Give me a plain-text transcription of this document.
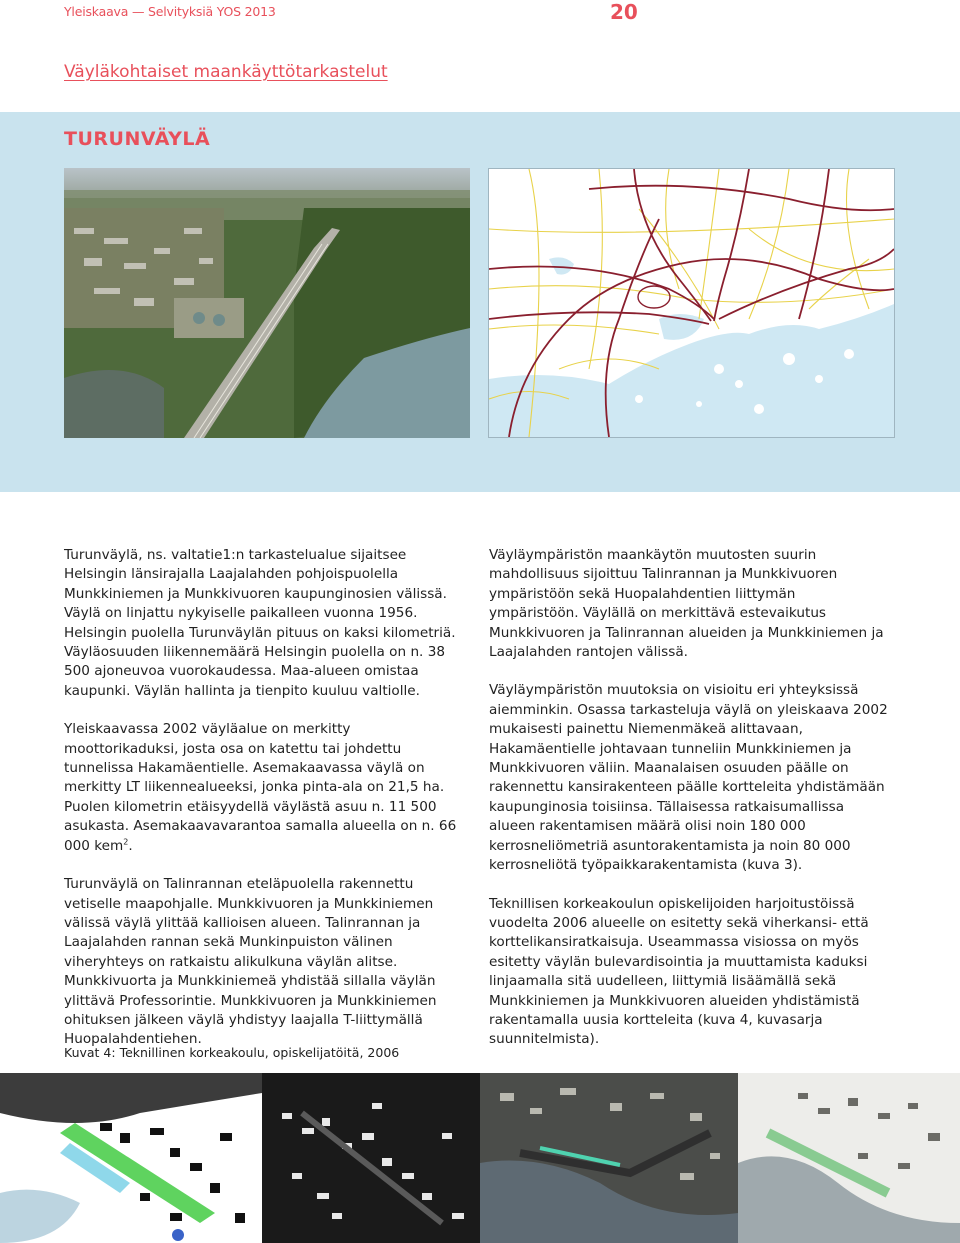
Yleiskaava — Selvityksiä YOS 2013	20
Väyläkohtaiset maankäyttötarkastelut
TURUNVÄYLÄ

Turunväylä, ns. valtatie1:n tarkastelualue sijaitsee Helsingin länsirajalla Laajalahden pohjoispuolella Munkkiniemen ja Munkkivuoren kaupunginosien välissä. Väylä on linjattu nykyiselle paikalleen vuonna 1956. Helsingin puolella Turunväylän pituus on kaksi kilometriä. Väyläosuuden liikennemäärä Helsingin puolella on n. 38 500 ajoneuvoa vuorokaudessa. Maa-alueen omistaa kaupunki. Väylän hallinta ja tienpito kuuluu valtiolle.

Yleiskaavassa 2002 väyläalue on merkitty moottorikaduksi, josta osa on katettu tai johdettu tunnelissa Hakamäentielle. Asemakaavassa väylä on merkitty LT liikennealueeksi, jonka pinta-ala on 21,5 ha. Puolen kilometrin etäisyydellä väylästä asuu n. 11 500 asukasta. Asemakaavavarantoa samalla alueella on n. 66 000 kem$^2$.

Turunväylä on Talinrannan eteläpuolella rakennettu vetiselle maapohjalle. Munkkivuoren ja Munkkiniemen välissä väylä ylittää kallioisen alueen. Talinrannan ja Laajalahden rannan sekä Munkinpuiston välinen viheryhteys on ratkaistu alikulkuna väylän alitse. Munkkivuorta ja Munkkiniemeä yhdistää sillalla väylän ylittävä Professorintie. Munkkivuoren ja Munkkiniemen ohituksen jälkeen väylä yhdistyy laajalla T-liittymällä Huopalahdentiehen.

Väyläympäristön maankäytön muutosten suurin mahdollisuus sijoittuu Talinrannan ja Munkkivuoren ympäristöön sekä Huopalahdentien liittymän ympäristöön. Väylällä on merkittävä estevaikutus Munkkivuoren ja Talinrannan alueiden ja Munkkiniemen ja Laajalahden rantojen välissä.

Väyläympäristön muutoksia on visioitu eri yhteyksissä aiemminkin. Osassa tarkasteluja väylä on yleiskaava 2002 mukaisesti painettu Niemenmäkeä alittavaan, Hakamäentielle johtavaan tunneliin Munkkiniemen ja Munkkivuoren väliin. Maanalaisen osuuden päälle on rakennettu kansirakenteen päälle kortteleita yhdistämään kaupunginosia toisiinsa. Tällaisessa ratkaisumallissa alueen rakentamisen määrä olisi noin 180 000 kerrosneliömetriä asuntorakentamista ja noin 80 000 kerrosneliötä työpaikkarakentamista (kuva 3).

Teknillisen korkeakoulun opiskelijoiden harjoitustöissä vuodelta 2006 alueelle on esitetty sekä viherkansi- että korttelikansiratkaisuja. Useammassa visiossa on myös esitetty väylän bulevardisointia ja muuttamista kaduksi linjaamalla sitä uudelleen, liittymiä lisäämällä sekä Munkkiniemen ja Munkkivuoren alueiden yhdistämistä rakentamalla uusia kortteleita (kuva 4, kuvasarja suunnitelmista).

Kuvat 4: Teknillinen korkeakoulu, opiskelijatöitä, 2006
